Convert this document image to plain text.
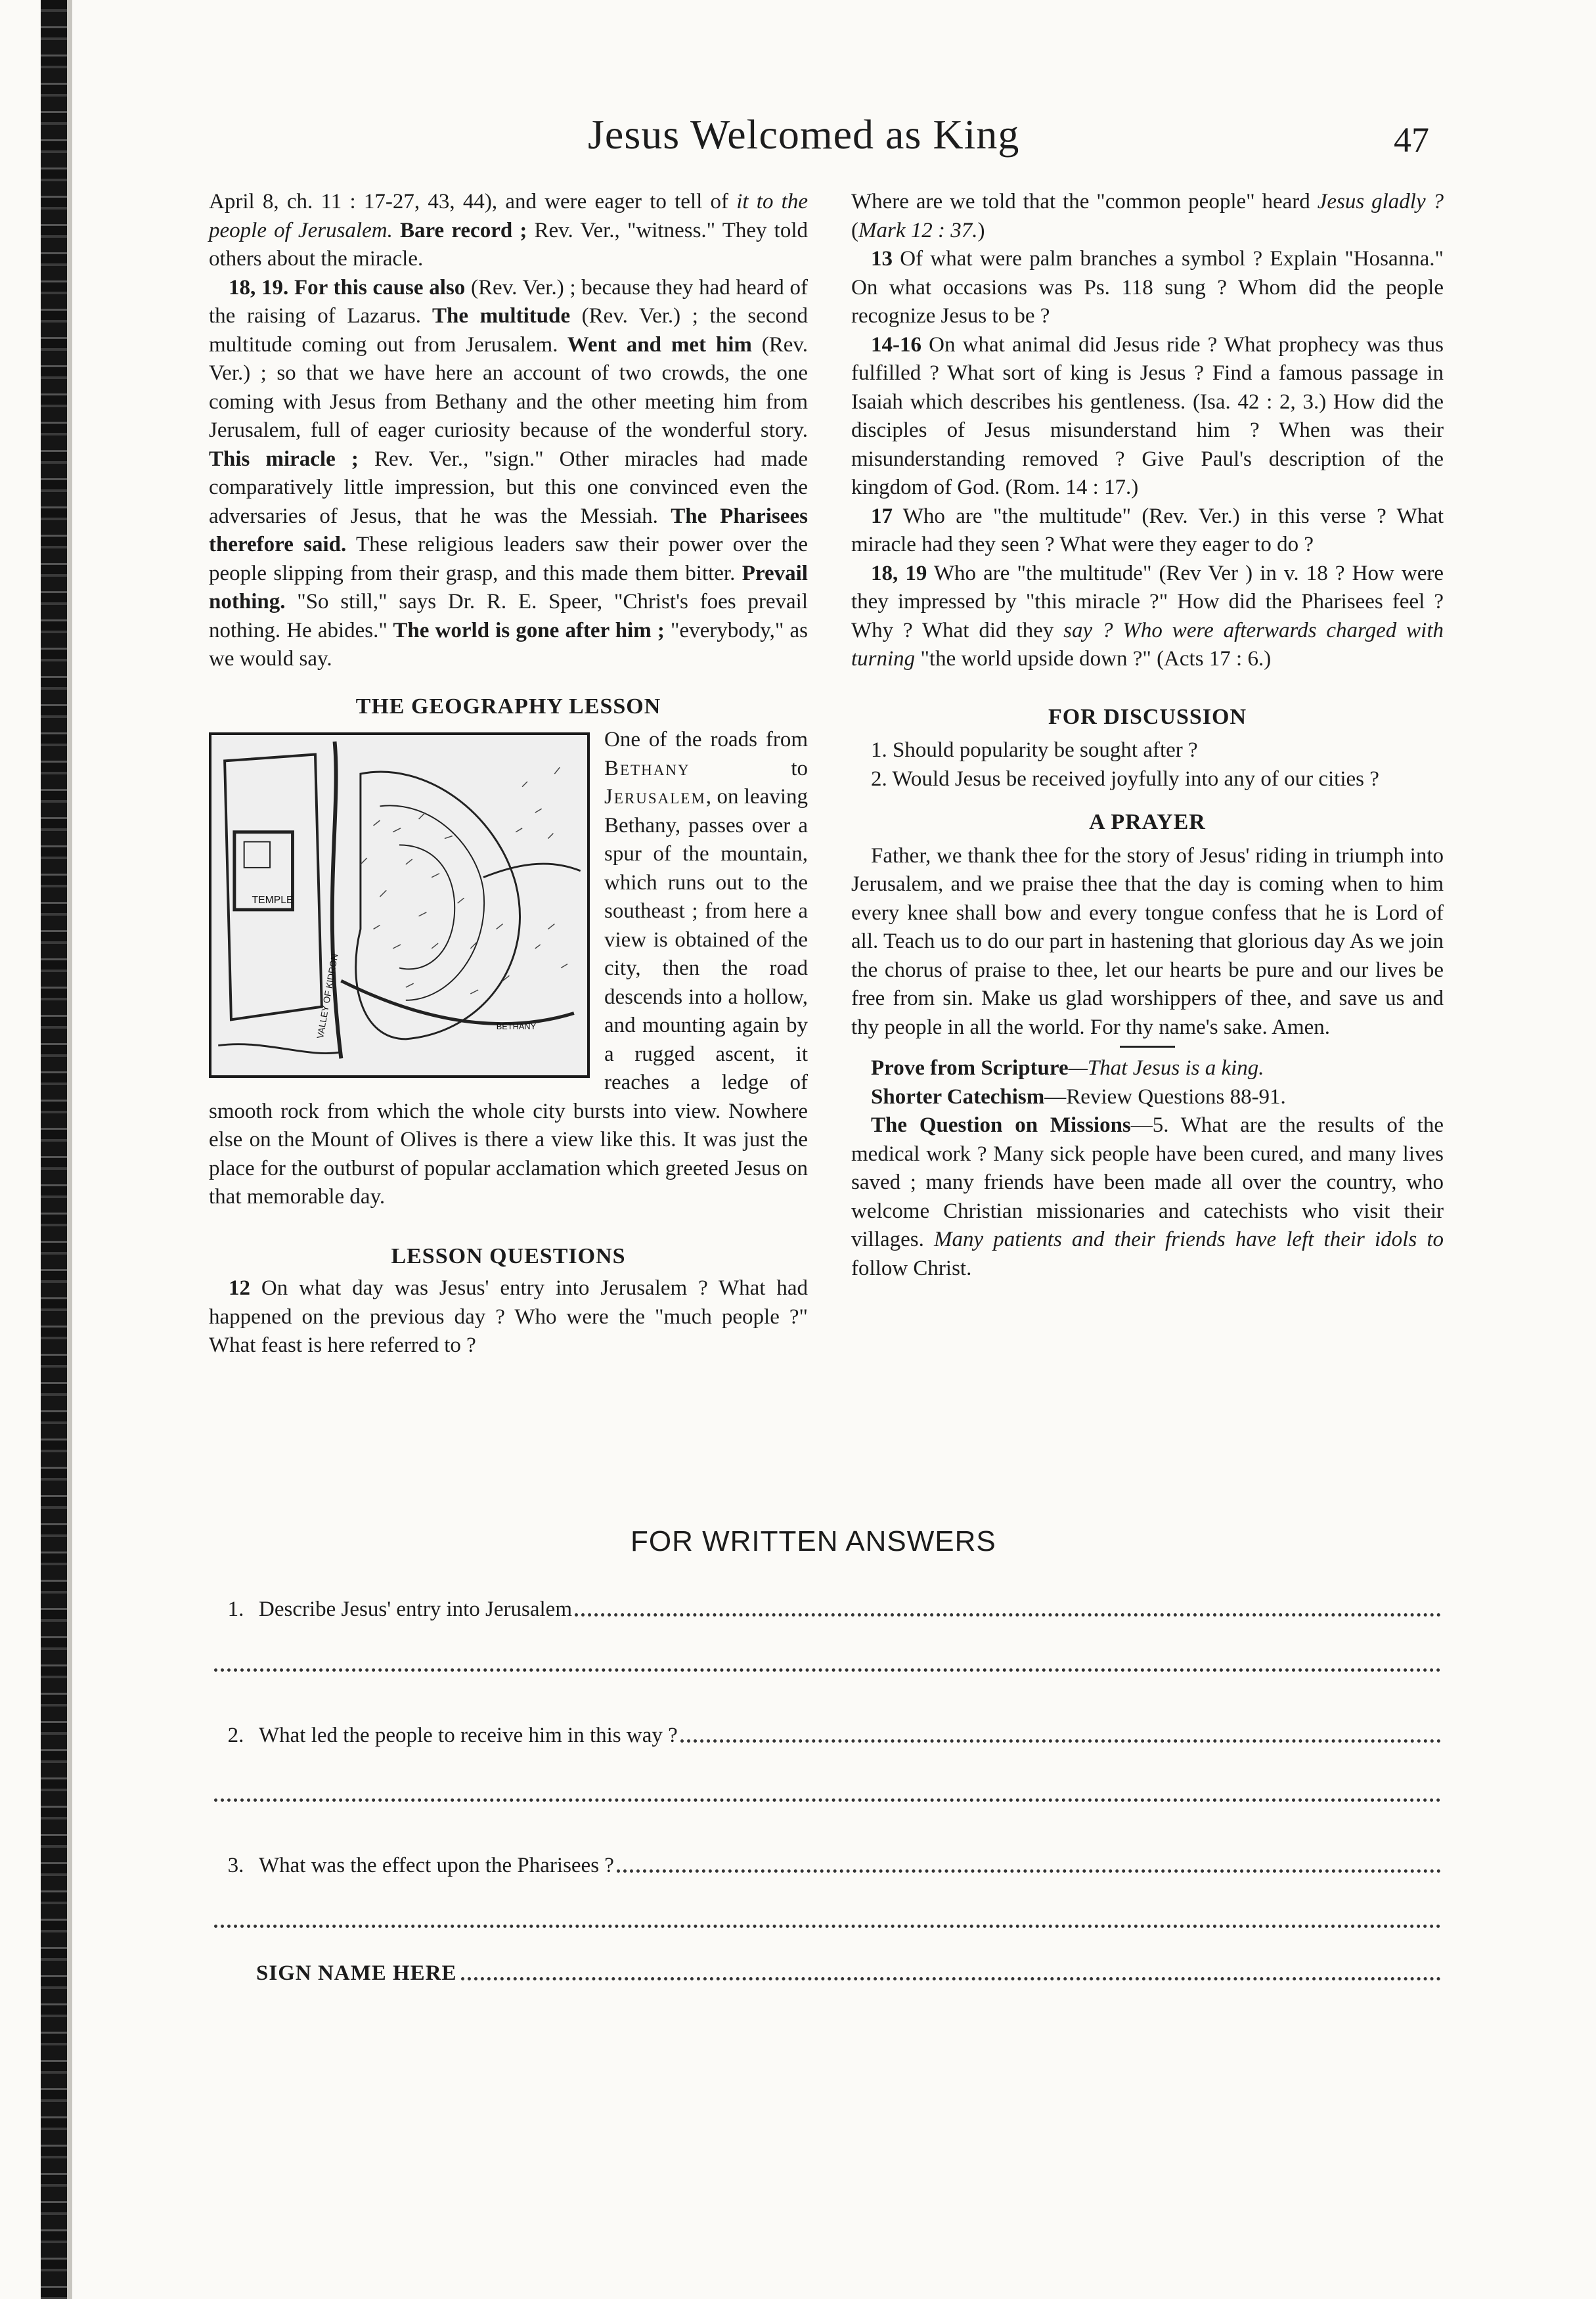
Jesus Welcomed as King	47

April 8, ch. 11 : 17-27, 43, 44), and were eager to tell of it to the people of Jerusalem. Bare record ; Rev. Ver., "witness." They told others about the miracle.

18, 19. For this cause also (Rev. Ver.) ; because they had heard of the raising of Lazarus. The multitude (Rev. Ver.) ; the second multitude coming out from Jerusalem. Went and met him (Rev. Ver.) ; so that we have here an account of two crowds, the one coming with Jesus from Bethany and the other meeting him from Jerusalem, full of eager curiosity because of the wonderful story. This miracle ; Rev. Ver., "sign." Other miracles had made comparatively little impression, but this one convinced even the adversaries of Jesus, that he was the Messiah. The Pharisees therefore said. These religious leaders saw their power over the people slipping from their grasp, and this made them bitter. Prevail nothing. "So still," says Dr. R. E. Speer, "Christ's foes prevail nothing. He abides." The world is gone after him ; "everybody," as we would say.

THE GEOGRAPHY LESSON

TEMPLE
VALLEY OF KIDRON	BETHANY

One of the roads from Bethany to Jerusalem, on leaving Bethany, passes over a spur of the mountain, which runs out to the southeast ; from here a view is obtained of the city, then the road descends into a hollow, and mounting again by a rugged ascent, it reaches a ledge of smooth rock from which the whole city bursts into view. Nowhere else on the Mount of Olives is there a view like this. It was just the place for the outburst of popular acclamation which greeted Jesus on that memorable day.

LESSON QUESTIONS

12 On what day was Jesus' entry into Jerusalem ? What had happened on the previous day ? Who were the "much people ?" What feast is here referred to ?

Where are we told that the "common people" heard Jesus gladly ? (Mark 12 : 37.)

13 Of what were palm branches a symbol ? Explain "Hosanna." On what occasions was Ps. 118 sung ? Whom did the people recognize Jesus to be ?

14-16 On what animal did Jesus ride ? What prophecy was thus fulfilled ? What sort of king is Jesus ? Find a famous passage in Isaiah which describes his gentleness. (Isa. 42 : 2, 3.) How did the disciples of Jesus misunderstand him ? When was their misunderstanding removed ? Give Paul's description of the kingdom of God. (Rom. 14 : 17.)

17 Who are "the multitude" (Rev. Ver.) in this verse ? What miracle had they seen ? What were they eager to do ?

18, 19 Who are "the multitude" (Rev Ver ) in v. 18 ? How were they impressed by "this miracle ?" How did the Pharisees feel ? Why ? What did they say ? Who were afterwards charged with turning "the world upside down ?" (Acts 17 : 6.)

FOR DISCUSSION

1. Should popularity be sought after ?

2. Would Jesus be received joyfully into any of our cities ?

A PRAYER

Father, we thank thee for the story of Jesus' riding in triumph into Jerusalem, and we praise thee that the day is coming when to him every knee shall bow and every tongue confess that he is Lord of all. Teach us to do our part in hastening that glorious day As we join the chorus of praise to thee, let our hearts be pure and our lives be free from sin. Make us glad worshippers of thee, and save us and thy people in all the world. For thy name's sake. Amen.

Prove from Scripture—That Jesus is a king.

Shorter Catechism—Review Questions 88-91.

The Question on Missions—5. What are the results of the medical work ? Many sick people have been cured, and many lives saved ; many friends have been made all over the country, who welcome Christian missionaries and catechists who visit their villages. Many patients and their friends have left their idols to follow Christ.

FOR WRITTEN ANSWERS
1. Describe Jesus' entry into Jerusalem
2. What led the people to receive him in this way ?
3. What was the effect upon the Pharisees ?
SIGN NAME HERE
